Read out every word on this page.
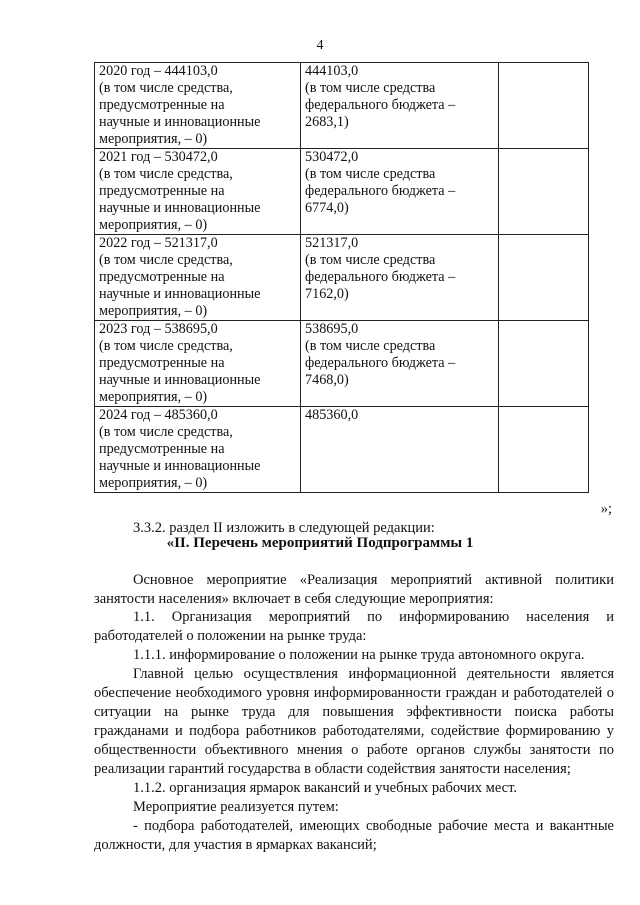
4
2020 год – 444103,0
(в том числе средства,
предусмотренные на
научные и инновационные
мероприятия, – 0)	444103,0
(в том числе средства
федерального бюджета –
2683,1)	

2021 год – 530472,0
(в том числе средства,
предусмотренные на
научные и инновационные
мероприятия, – 0)	530472,0
(в том числе средства
федерального бюджета –
6774,0)	

2022 год – 521317,0
(в том числе средства,
предусмотренные на
научные и инновационные
мероприятия, – 0)	521317,0
(в том числе средства
федерального бюджета –
7162,0)	

2023 год – 538695,0
(в том числе средства,
предусмотренные на
научные и инновационные
мероприятия, – 0)	538695,0
(в том числе средства
федерального бюджета –
7468,0)	

2024 год – 485360,0
(в том числе средства,
предусмотренные на
научные и инновационные
мероприятия, – 0)	485360,0	

»;
3.3.2. раздел II изложить в следующей редакции:
«II. Перечень мероприятий Подпрограммы 1
Основное мероприятие «Реализация мероприятий активной политики занятости населения» включает в себя следующие мероприятия:
1.1. Организация мероприятий по информированию населения и работодателей о положении на рынке труда:
1.1.1. информирование о положении на рынке труда автономного округа.
Главной целью осуществления информационной деятельности является обеспечение необходимого уровня информированности граждан и работодателей о ситуации на рынке труда для повышения эффективности поиска работы гражданами и подбора работников работодателями, содействие формированию у общественности объективного мнения о работе органов службы занятости по реализации гарантий государства в области содействия занятости населения;
1.1.2. организация ярмарок вакансий и учебных рабочих мест.
Мероприятие реализуется путем:
- подбора работодателей, имеющих свободные рабочие места и вакантные должности, для участия в ярмарках вакансий;
